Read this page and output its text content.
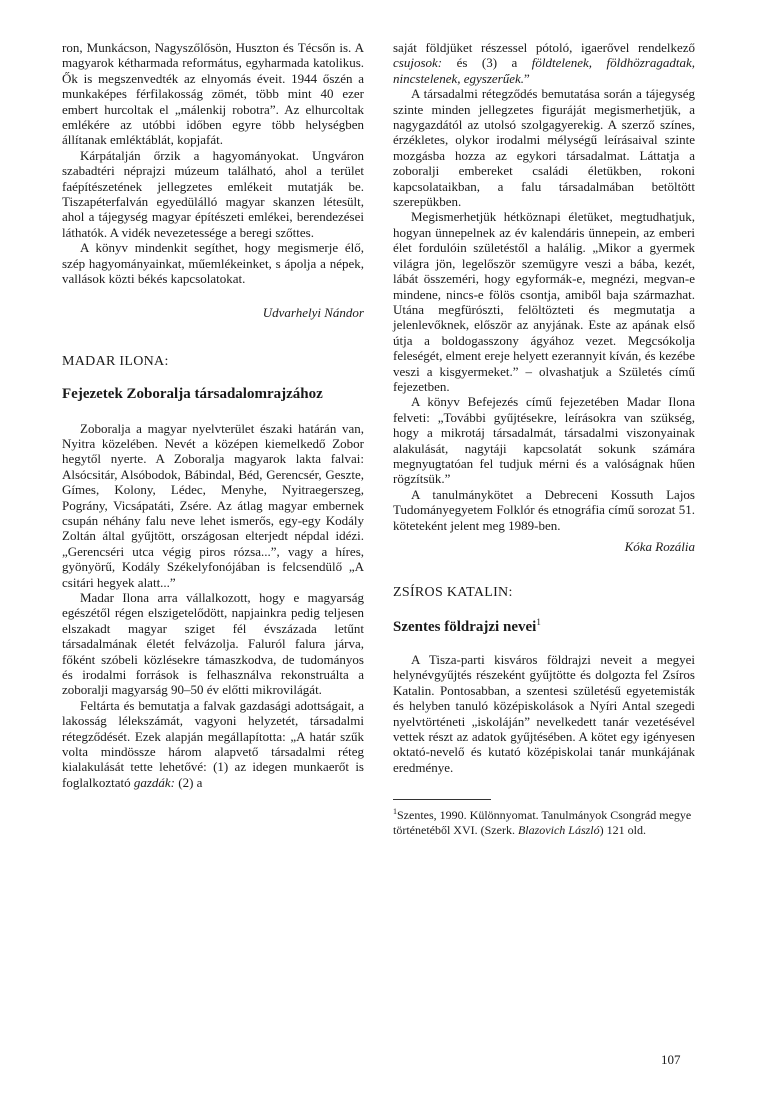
ron, Munkácson, Nagyszőlősön, Huszton és Técsőn is. A magyarok kétharmada református, egyharmada katolikus. Ők is megszenvedték az elnyomás éveit. 1944 őszén a munkaképes férfilakosság zömét, több mint 40 ezer embert hurcoltak el „málenkij robotra”. Az elhurcoltak emlékére az utóbbi időben egyre több helységben állítanak emléktáblát, kopjafát.

Kárpátalján őrzik a hagyományokat. Ungváron szabadtéri néprajzi múzeum található, ahol a terület faépítészetének jellegzetes emlékeit mutatják be. Tiszapéterfalván egyedülálló magyar skanzen létesült, ahol a tájegység magyar építészeti emlékei, berendezései láthatók. A vidék nevezetessége a beregi szőttes.

A könyv mindenkit segíthet, hogy megismerje élő, szép hagyományainkat, műemlékeinket, s ápolja a népek, vallások közti békés kapcsolatokat.

Udvarhelyi Nándor

MADAR ILONA:

Fejezetek Zoboralja társadalomrajzához

Zoboralja a magyar nyelvterület északi határán van, Nyitra közelében. Nevét a középen kiemelkedő Zobor hegytől nyerte. A Zoboralja magyarok lakta falvai: Alsócsitár, Alsóbodok, Bábindal, Béd, Gerencsér, Geszte, Gímes, Kolony, Lédec, Menyhe, Nyitraegerszeg, Pográny, Vicsápatáti, Zsére. Az átlag magyar embernek csupán néhány falu neve lehet ismerős, egy-egy Kodály Zoltán által gyűjtött, országosan elterjedt népdal idézi. „Gerencséri utca végig piros rózsa...”, vagy a híres, gyönyörű, Kodály Székelyfonójában is felcsendülő „A csitári hegyek alatt...”

Madar Ilona arra vállalkozott, hogy e magyarság egészétől régen elszigetelődött, napjainkra pedig teljesen elszakadt magyar sziget fél évszázada letűnt társadalmának életét felvázolja. Faluról falura járva, főként szóbeli közlésekre támaszkodva, de tudományos és irodalmi források is felhasználva rekonstruálta a zoboralji magyarság 90–50 év előtti mikrovilágát.

Feltárta és bemutatja a falvak gazdasági adottságait, a lakosság lélekszámát, vagyoni helyzetét, társadalmi rétegződését. Ezek alapján megállapította: „A határ szűk volta mindössze három alapvető társadalmi réteg kialakulását tette lehetővé: (1) az idegen munkaerőt is foglalkoztató gazdák: (2) a

saját földjüket részessel pótoló, igaerővel rendelkező csujosok: és (3) a földtelenek, földhözragadtak, nincstelenek, egyszerűek.”

A társadalmi rétegződés bemutatása során a tájegység szinte minden jellegzetes figuráját megismerhetjük, a nagygazdától az utolsó szolgagyerekig. A szerző színes, érzékletes, olykor irodalmi mélységű leírásaival szinte mozgásba hozza az egykori társadalmat. Láttatja a zoboralji embereket családi életükben, rokoni kapcsolataikban, a falu társadalmában betöltött szerepükben.

Megismerhetjük hétköznapi életüket, megtudhatjuk, hogyan ünnepelnek az év kalendáris ünnepein, az emberi élet fordulóin születéstől a halálig. „Mikor a gyermek világra jön, legelőször szemügyre veszi a bába, kezét, lábát összeméri, hogy egyformák-e, megnézi, megvan-e mindene, nincs-e fölös csontja, amiből baja származhat. Utána megfürószti, felöltözteti és megmutatja a jelenlevőknek, először az anyjának. Este az apának első útja a boldogasszony ágyához vezet. Megcsókolja feleségét, elment ereje helyett ezerannyit kíván, és kezébe veszi a kisgyermeket.” – olvashatjuk a Születés című fejezetben.

A könyv Befejezés című fejezetében Madar Ilona felveti: „További gyűjtésekre, leírásokra van szükség, hogy a mikrotáj társadalmát, társadalmi viszonyainak alakulását, nagytáji kapcsolatát sokunk számára megnyugtatóan fel tudjuk mérni és a valóságnak hűen rögzítsük.”

A tanulmánykötet a Debreceni Kossuth Lajos Tudományegyetem Folklór és etnográfia című sorozat 51. köteteként jelent meg 1989-ben.

Kóka Rozália

ZSÍROS KATALIN:

Szentes földrajzi nevei$^1$

A Tisza-parti kisváros földrajzi neveit a megyei helynévgyűjtés részeként gyűjtötte és dolgozta fel Zsíros Katalin. Pontosabban, a szentesi születésű egyetemisták és helyben tanuló középiskolások a Nyíri Antal szegedi nyelvtörténeti „iskoláján” nevelkedett tanár vezetésével vettek részt az adatok gyűjtésében. A kötet egy igényesen oktató-nevelő és kutató középiskolai tanár munkájának eredménye.

$^1$Szentes, 1990. Különnyomat. Tanulmányok Csongrád megye történetéből XVI. (Szerk. Blazovich László) 121 old.

107
